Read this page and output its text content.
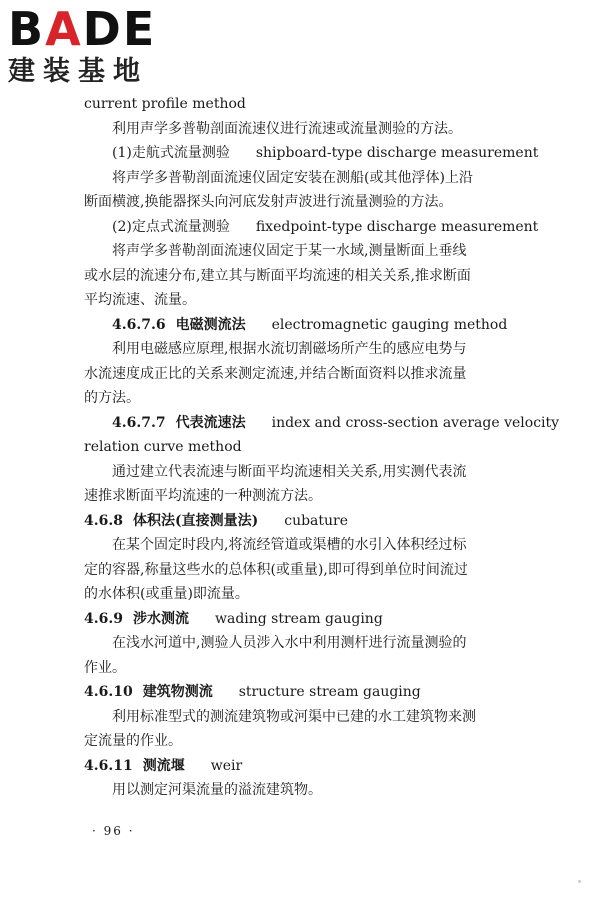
BADE
建装基地
current profile method
利用声学多普勒剖面流速仪进行流速或流量测验的方法。
(1)走航式流量测验 shipboard-type discharge measurement
将声学多普勒剖面流速仪固定安装在测船(或其他浮体)上沿
断面横渡,换能器探头向河底发射声波进行流量测验的方法。
(2)定点式流量测验 fixedpoint-type discharge measurement
将声学多普勒剖面流速仪固定于某一水域,测量断面上垂线
或水层的流速分布,建立其与断面平均流速的相关关系,推求断面
平均流速、流量。
4.6.7.6 电磁测流法 electromagnetic gauging method
利用电磁感应原理,根据水流切割磁场所产生的感应电势与
水流速度成正比的关系来测定流速,并结合断面资料以推求流量
的方法。
4.6.7.7 代表流速法 index and cross-section average velocity
relation curve method
通过建立代表流速与断面平均流速相关关系,用实测代表流
速推求断面平均流速的一种测流方法。
4.6.8 体积法(直接测量法) cubature
在某个固定时段内,将流经管道或渠槽的水引入体积经过标
定的容器,称量这些水的总体积(或重量),即可得到单位时间流过
的水体积(或重量)即流量。
4.6.9 涉水测流 wading stream gauging
在浅水河道中,测验人员涉入水中利用测杆进行流量测验的
作业。
4.6.10 建筑物测流 structure stream gauging
利用标准型式的测流建筑物或河渠中已建的水工建筑物来测
定流量的作业。
4.6.11 测流堰 weir
用以测定河渠流量的溢流建筑物。
· 96 ·
